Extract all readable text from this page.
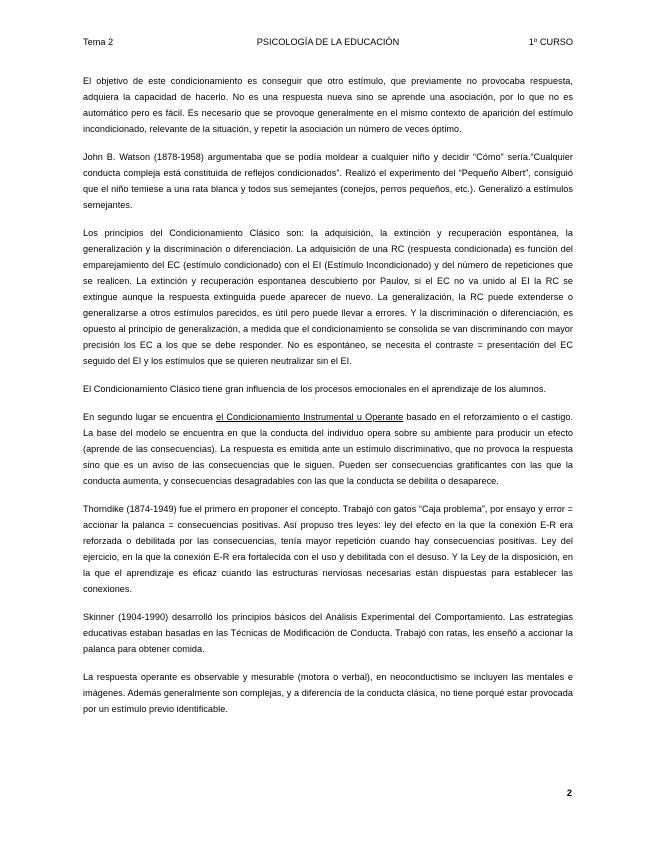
Tema 2	PSICOLOGÍA DE LA EDUCACIÓN	1º CURSO

El objetivo de este condicionamiento es conseguir que otro estímulo, que previamente no provocaba respuesta, adquiera la capacidad de hacerlo. No es una respuesta nueva sino se aprende una asociación, por lo que no es automático pero es fácil. Es necesario que se provoque generalmente en el mismo contexto de aparición del estímulo incondicionado, relevante de la situación, y repetir la asociación un número de veces óptimo.

John B. Watson (1878-1958) argumentaba que se podía moldear a cualquier niño y decidir “Cómo” sería.“Cualquier conducta compleja está constituida de reflejos condicionados”. Realizó el experimento del “Pequeño Albert”, consiguió que el niño temiese a una rata blanca y todos sus semejantes (conejos, perros pequeños, etc.). Generalizó a estímulos semejantes.

Los principios del Condicionamiento Clásico son: la adquisición, la extinción y recuperación espontánea, la generalización y la discriminación o diferenciación. La adquisición de una RC (respuesta condicionada) es función del emparejamiento del EC (estímulo condicionado) con el EI (Estímulo Incondicionado) y del número de repeticiones que se realicen. La extinción y recuperación espontanea descubierto por Paulov, si el EC no va unido al EI la RC se extingue aunque la respuesta extinguida puede aparecer de nuevo. La generalización, la RC puede extenderse o generalizarse a otros estímulos parecidos, es útil pero puede llevar a errores. Y la discriminación o diferenciación, es opuesto al principio de generalización, a medida que el condicionamiento se consolida se van discriminando con mayor precisión los EC a los que se debe responder. No es espontáneo, se necesita el contraste = presentación del EC seguido del EI y los estímulos que se quieren neutralizar sin el EI.

El Condicionamiento Clásico tiene gran influencia de los procesos emocionales en el aprendizaje de los alumnos.

En segundo lugar se encuentra el Condicionamiento Instrumental u Operante basado en el reforzamiento o el castigo. La base del modelo se encuentra en que la conducta del individuo opera sobre su ambiente para producir un efecto (aprende de las consecuencias). La respuesta es emitida ante un estímulo discriminativo, que no provoca la respuesta sino que es un aviso de las consecuencias que le siguen. Pueden ser consecuencias gratificantes con las que la conducta aumenta, y consecuencias desagradables con las que la conducta se debilita o desaparece.

Thorndike (1874-1949) fue el primero en proponer el concepto. Trabajó con gatos “Caja problema”, por ensayo y error = accionar la palanca = consecuencias positivas. Así propuso tres leyes: ley del efecto en la que la conexión E-R era reforzada o debilitada por las consecuencias, tenía mayor repetición cuando hay consecuencias positivas. Ley del ejercicio, en la que la conexión E-R era fortalecida con el uso y debilitada con el desuso. Y la Ley de la disposición, en la que el aprendizaje es eficaz cuando las estructuras nerviosas necesarias están dispuestas para establecer las conexiones.

Skinner (1904-1990) desarrolló los principios básicos del Análisis Experimental del Comportamiento. Las estrategias educativas estaban basadas en las Técnicas de Modificación de Conducta. Trabajó con ratas, les enseñó a accionar la palanca para obtener comida.

La respuesta operante es observable y mesurable (motora o verbal), en neoconductismo se incluyen las mentales e imágenes. Además generalmente son complejas, y a diferencia de la conducta clásica, no tiene porqué estar provocada por un estímulo previo identificable.

2
